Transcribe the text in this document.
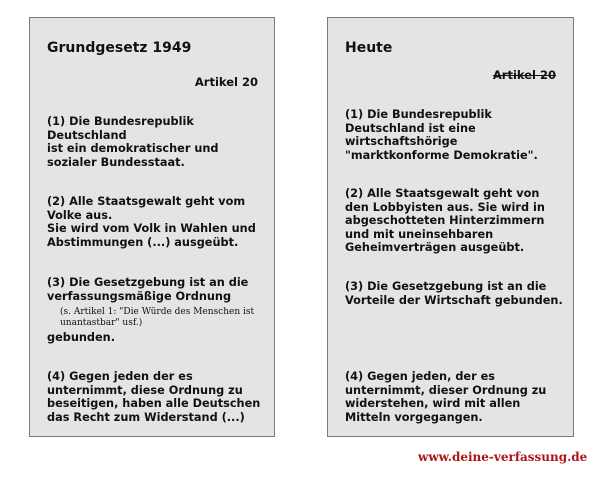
Grundgesetz 1949
Artikel 20
(1) Die Bundesrepublik
Deutschland
ist ein demokratischer und
sozialer Bundesstaat.
(2) Alle Staatsgewalt geht vom
Volke aus.
Sie wird vom Volk in Wahlen und
Abstimmungen (...) ausgeübt.
(3) Die Gesetzgebung ist an die
verfassungsmäßige Ordnung
(s. Artikel 1: "Die Würde des Menschen ist
unantastbar" usf.)
gebunden.
(4) Gegen jeden der es
unternimmt, diese Ordnung zu
beseitigen, haben alle Deutschen
das Recht zum Widerstand (...)
Heute
Artikel 20
(1) Die Bundesrepublik
Deutschland ist eine
wirtschaftshörige
"marktkonforme Demokratie".
(2) Alle Staatsgewalt geht von
den Lobbyisten aus. Sie wird in
abgeschotteten Hinterzimmern
und mit uneinsehbaren
Geheimverträgen ausgeübt.
(3) Die Gesetzgebung ist an die
Vorteile der Wirtschaft gebunden.
(4) Gegen jeden, der es
unternimmt, dieser Ordnung zu
widerstehen, wird mit allen
Mitteln vorgegangen.
www.deine-verfassung.de
